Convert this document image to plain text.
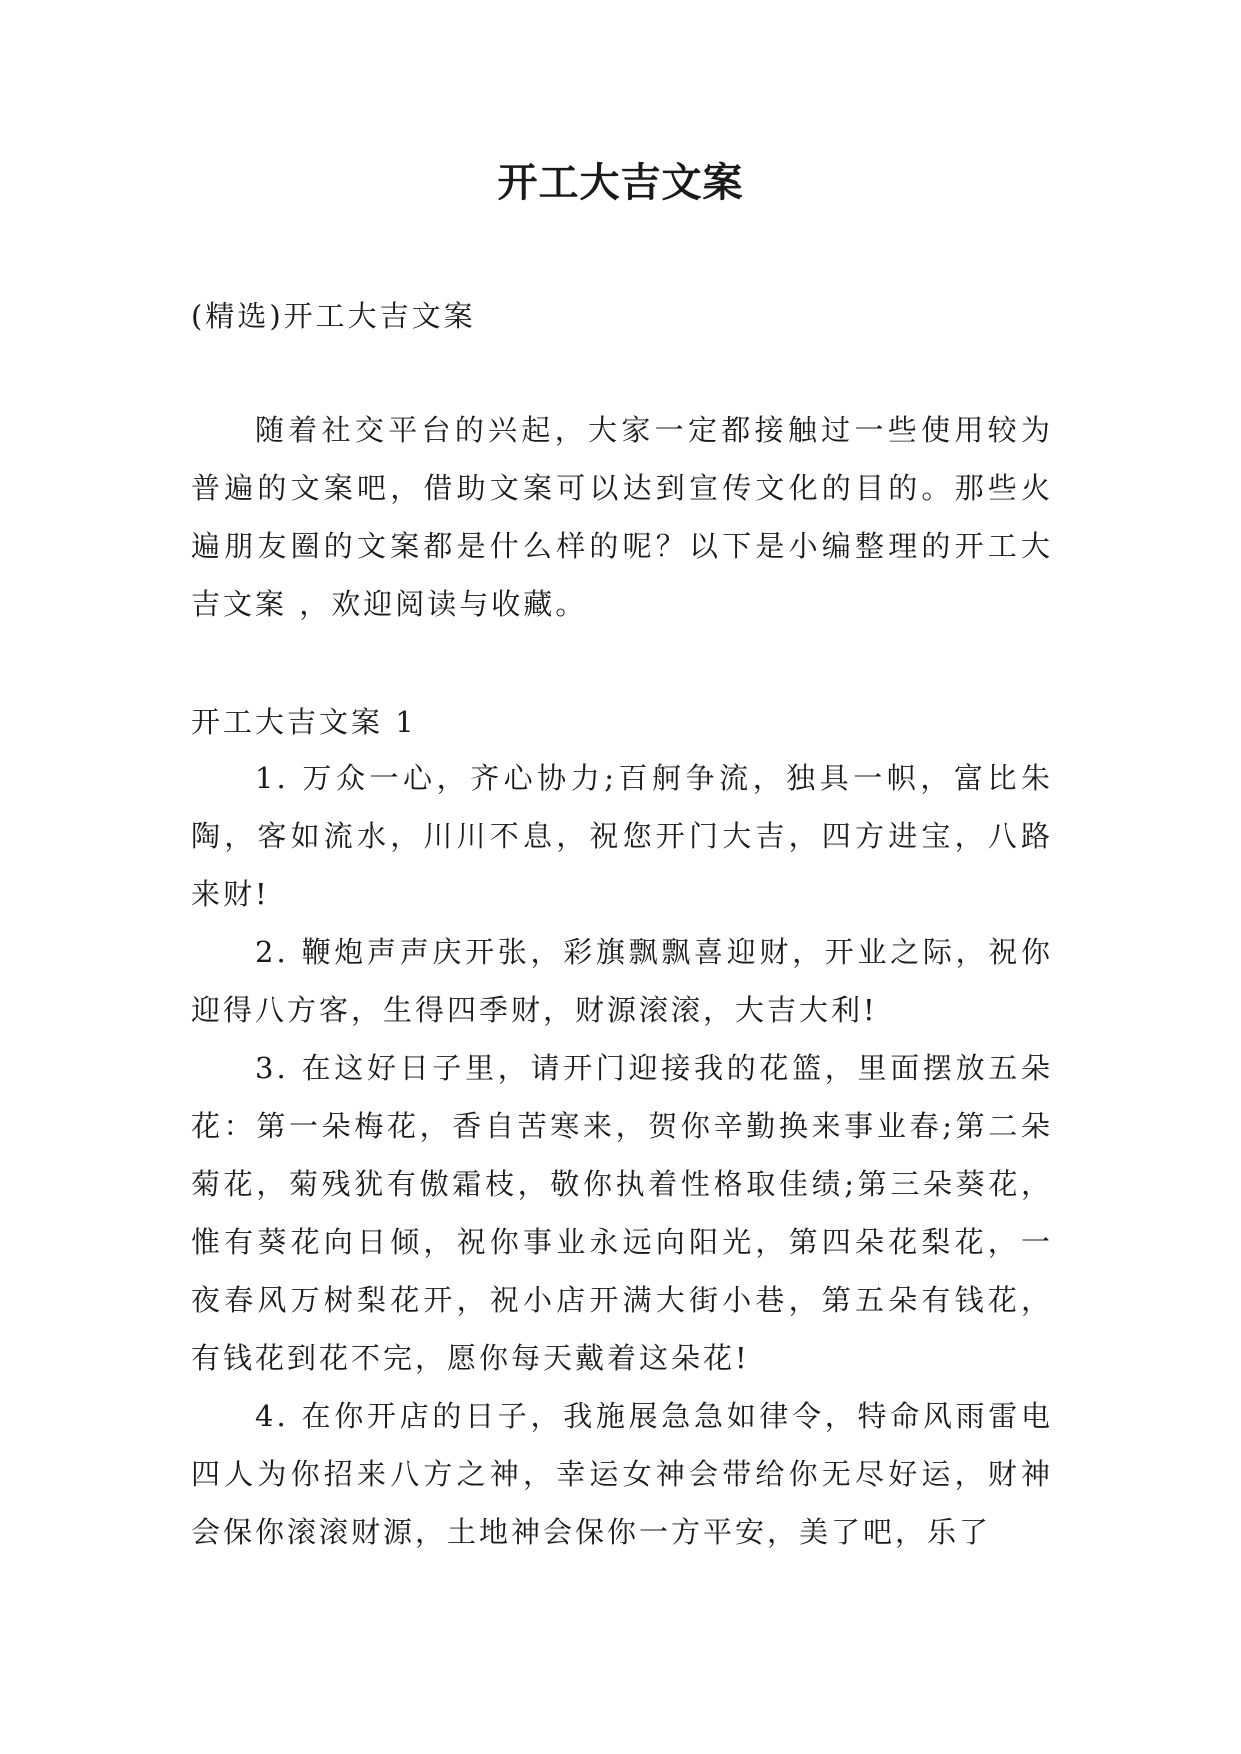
开工大吉文案

(精选)开工大吉文案

随着社交平台的兴起，大家一定都接触过一些使用较为普遍的文案吧，借助文案可以达到宣传文化的目的。那些火遍朋友圈的文案都是什么样的呢？以下是小编整理的开工大吉文案 ，欢迎阅读与收藏。

开工大吉文案 1

1. 万众一心，齐心协力;百舸争流，独具一帜，富比朱陶，客如流水，川川不息，祝您开门大吉，四方进宝，八路来财!

2. 鞭炮声声庆开张，彩旗飘飘喜迎财，开业之际，祝你迎得八方客，生得四季财，财源滚滚，大吉大利!

3. 在这好日子里，请开门迎接我的花篮，里面摆放五朵花：第一朵梅花，香自苦寒来，贺你辛勤换来事业春;第二朵菊花，菊残犹有傲霜枝，敬你执着性格取佳绩;第三朵葵花，惟有葵花向日倾，祝你事业永远向阳光，第四朵花梨花，一夜春风万树梨花开，祝小店开满大街小巷，第五朵有钱花，有钱花到花不完，愿你每天戴着这朵花!

4. 在你开店的日子，我施展急急如律令，特命风雨雷电四人为你招来八方之神，幸运女神会带给你无尽好运，财神会保你滚滚财源，土地神会保你一方平安，美了吧，乐了
